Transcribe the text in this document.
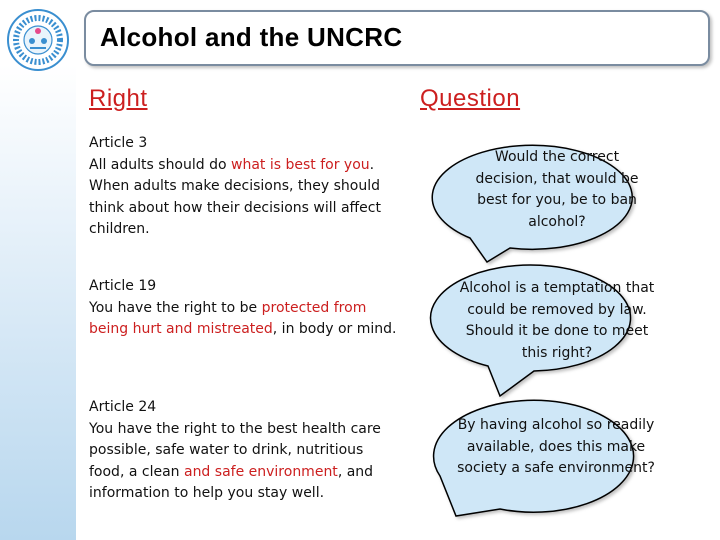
Alcohol and the UNCRC
Right	Question
Article 3
All adults should do what is best for you. When adults make decisions, they should think about how their decisions will affect children.
Article 19
You have the right to be protected from being hurt and mistreated, in body or mind.
Article 24
You have the right to the best health care possible, safe water to drink, nutritious food, a clean and safe environment, and information to help you stay well.
Would the correct decision, that would be best for you, be to ban alcohol?
Alcohol is a temptation that could be removed by law. Should it be done to meet this right?
By having alcohol so readily available, does this make society a safe environment?
